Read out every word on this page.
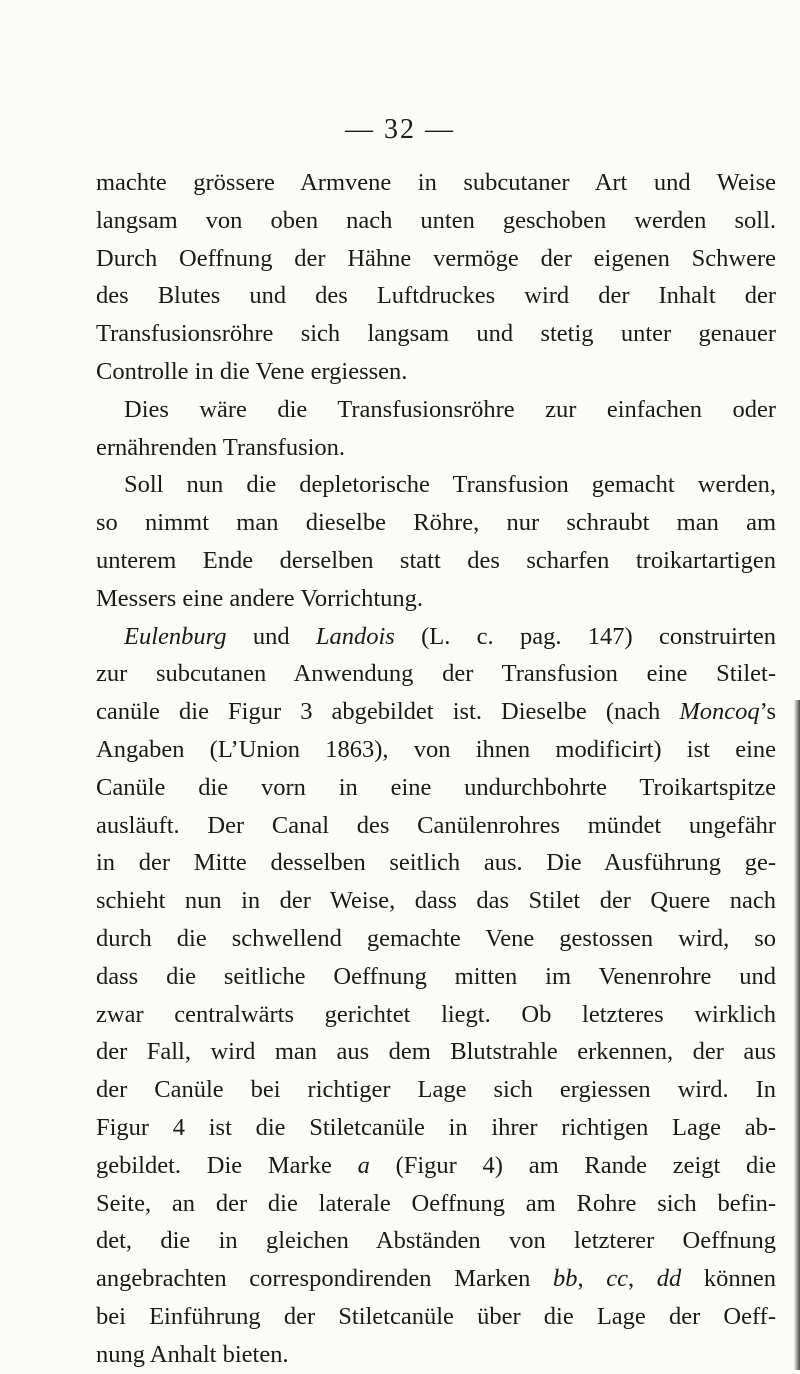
— 32 —
machte grössere Armvene in subcutaner Art und Weise
langsam von oben nach unten geschoben werden soll.
Durch Oeffnung der Hähne vermöge der eigenen Schwere
des Blutes und des Luftdruckes wird der Inhalt der
Transfusionsröhre sich langsam und stetig unter genauer
Controlle in die Vene ergiessen.
Dies wäre die Transfusionsröhre zur einfachen oder
ernährenden Transfusion.
Soll nun die depletorische Transfusion gemacht werden,
so nimmt man dieselbe Röhre, nur schraubt man am
unterem Ende derselben statt des scharfen troikartartigen
Messers eine andere Vorrichtung.
Eulenburg und Landois (L. c. pag. 147) construirten
zur subcutanen Anwendung der Transfusion eine Stilet-
canüle die Figur 3 abgebildet ist. Dieselbe (nach Moncoq’s
Angaben (L’Union 1863), von ihnen modificirt) ist eine
Canüle die vorn in eine undurchbohrte Troikartspitze
ausläuft. Der Canal des Canülenrohres mündet ungefähr
in der Mitte desselben seitlich aus. Die Ausführung ge-
schieht nun in der Weise, dass das Stilet der Quere nach
durch die schwellend gemachte Vene gestossen wird, so
dass die seitliche Oeffnung mitten im Venenrohre und
zwar centralwärts gerichtet liegt. Ob letzteres wirklich
der Fall, wird man aus dem Blutstrahle erkennen, der aus
der Canüle bei richtiger Lage sich ergiessen wird. In
Figur 4 ist die Stiletcanüle in ihrer richtigen Lage ab-
gebildet. Die Marke a (Figur 4) am Rande zeigt die
Seite, an der die laterale Oeffnung am Rohre sich befin-
det, die in gleichen Abständen von letzterer Oeffnung
angebrachten correspondirenden Marken bb, cc, dd können
bei Einführung der Stiletcanüle über die Lage der Oeff-
nung Anhalt bieten.
